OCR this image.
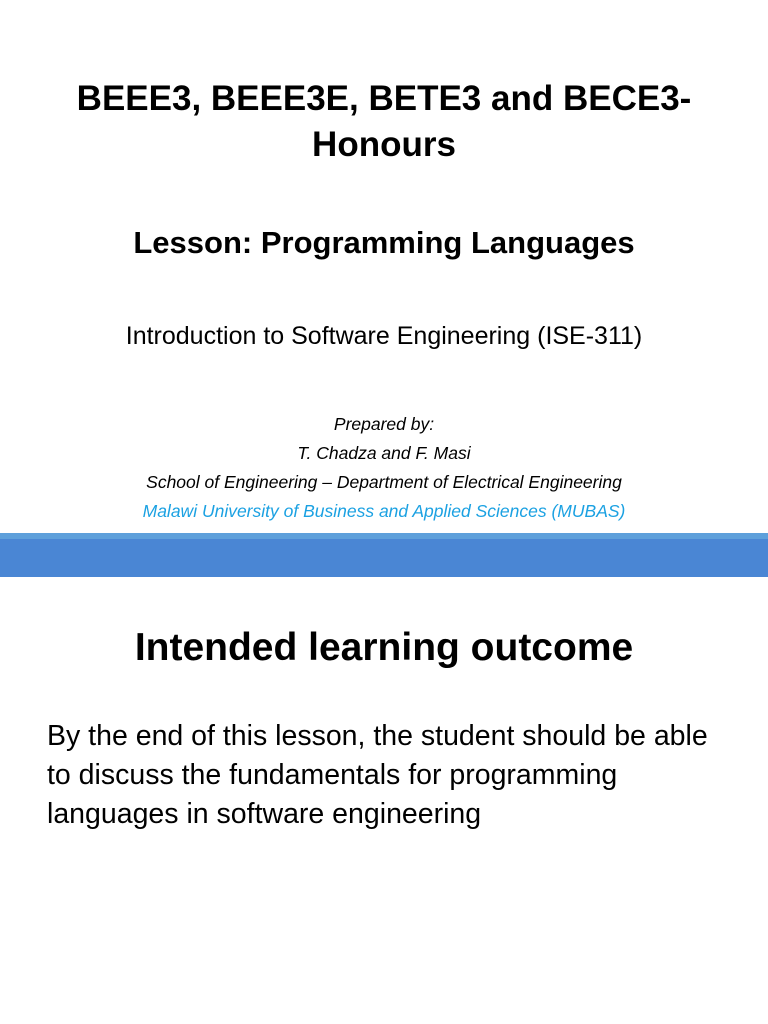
BEEE3, BEEE3E, BETE3 and BECE3-Honours
Lesson: Programming Languages

Introduction to Software Engineering (ISE-311)

Prepared by:
T. Chadza and F. Masi
School of Engineering – Department of Electrical Engineering
Malawi University of Business and Applied Sciences (MUBAS)
Intended learning outcome

By the end of this lesson, the student should be able to discuss the fundamentals for programming languages in software engineering
